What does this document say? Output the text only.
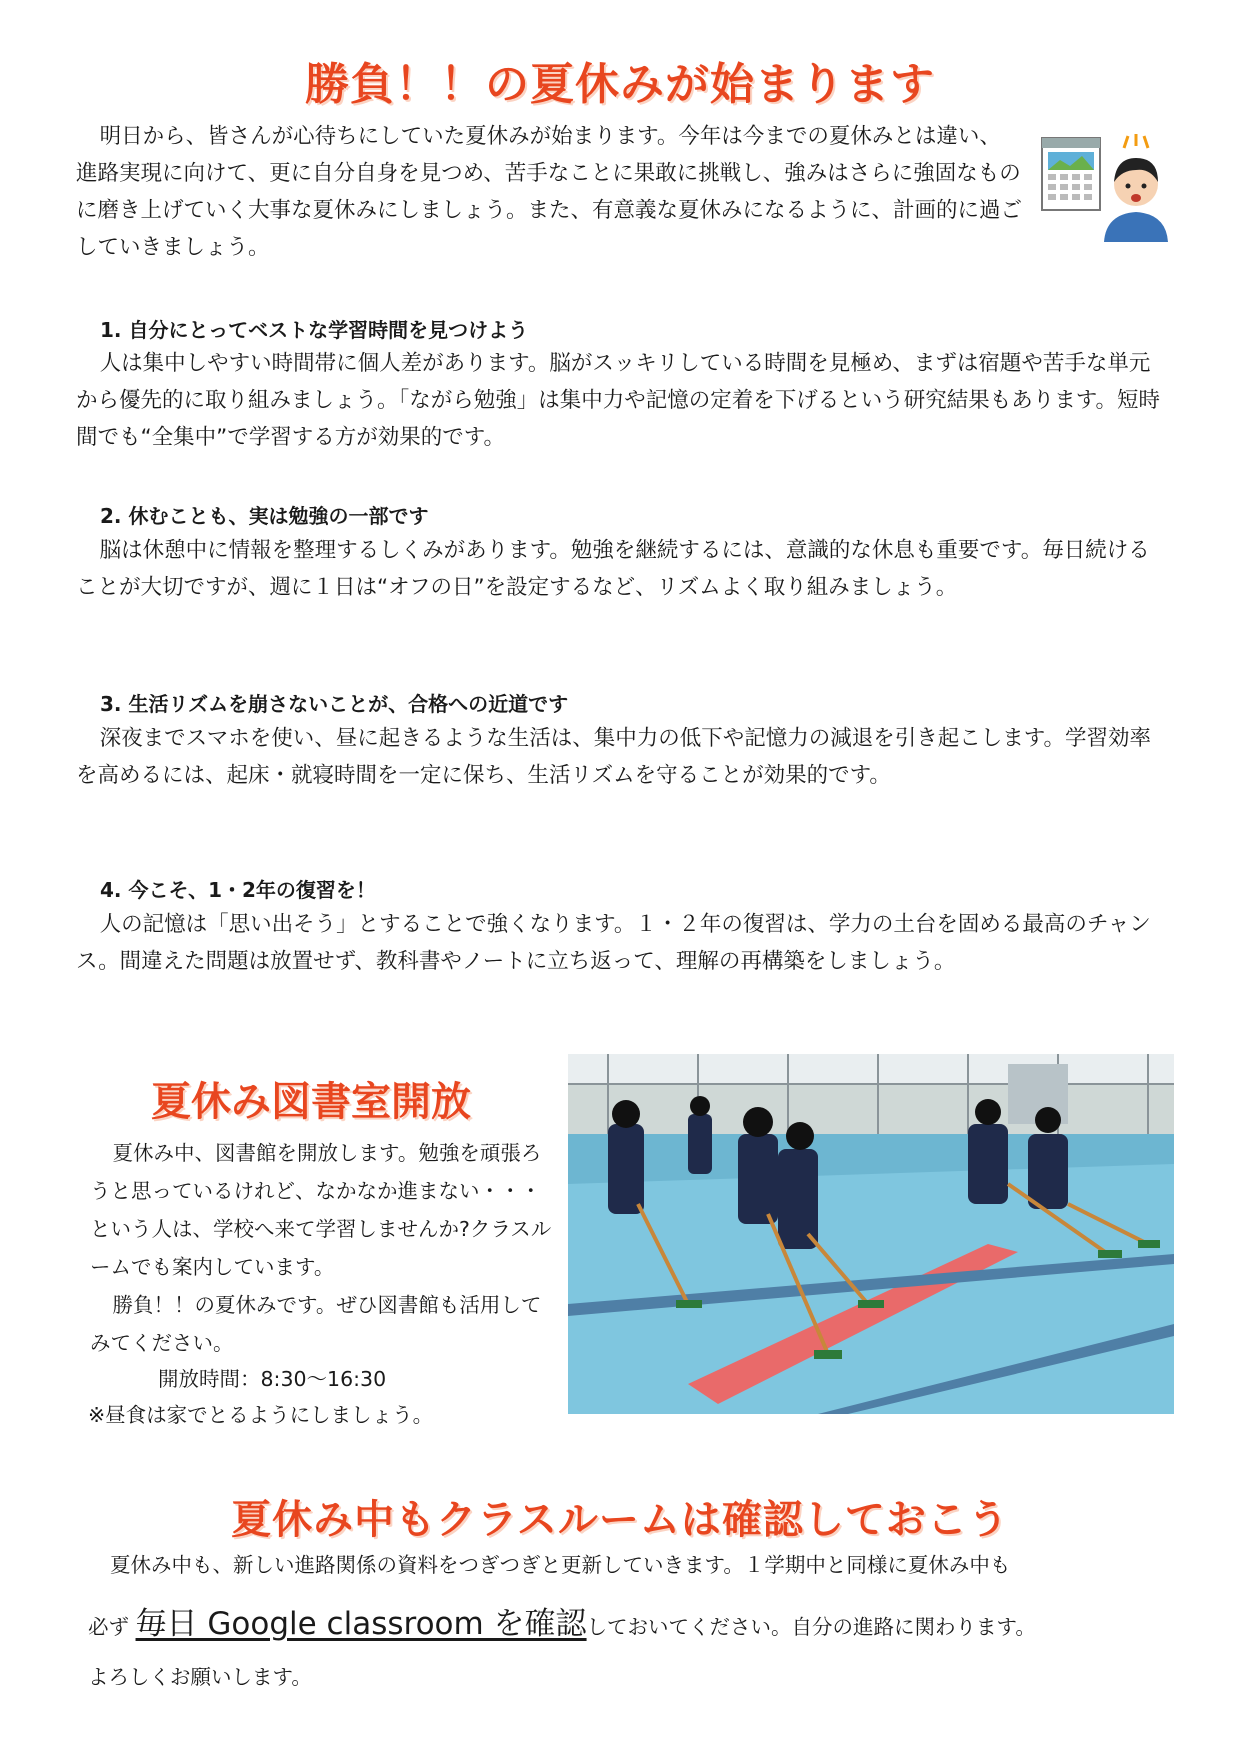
勝負！！の夏休みが始まります

明日から、皆さんが心待ちにしていた夏休みが始まります。今年は今までの夏休みとは違い、進路実現に向けて、更に自分自身を見つめ、苦手なことに果敢に挑戦し、強みはさらに強固なものに磨き上げていく大事な夏休みにしましょう。また、有意義な夏休みになるように、計画的に過ごしていきましょう。

1. 自分にとってベストな学習時間を見つけよう

人は集中しやすい時間帯に個人差があります。脳がスッキリしている時間を見極め、まずは宿題や苦手な単元から優先的に取り組みましょう。「ながら勉強」は集中力や記憶の定着を下げるという研究結果もあります。短時間でも“全集中”で学習する方が効果的です。

2. 休むことも、実は勉強の一部です

脳は休憩中に情報を整理するしくみがあります。勉強を継続するには、意識的な休息も重要です。毎日続けることが大切ですが、週に１日は“オフの日”を設定するなど、リズムよく取り組みましょう。

3. 生活リズムを崩さないことが、合格への近道です

深夜までスマホを使い、昼に起きるような生活は、集中力の低下や記憶力の減退を引き起こします。学習効率を高めるには、起床・就寝時間を一定に保ち、生活リズムを守ることが効果的です。

4. 今こそ、1・2年の復習を！

人の記憶は「思い出そう」とすることで強くなります。１・２年の復習は、学力の土台を固める最高のチャンス。間違えた問題は放置せず、教科書やノートに立ち返って、理解の再構築をしましょう。

夏休み図書室開放

夏休み中、図書館を開放します。勉強を頑張ろうと思っているけれど、なかなか進まない・・・という人は、学校へ来て学習しませんか?クラスルームでも案内しています。
勝負！！の夏休みです。ぜひ図書館も活用してみてください。

開放時間：8:30〜16:30

※昼食は家でとるようにしましょう。

夏休み中もクラスルームは確認しておこう

夏休み中も、新しい進路関係の資料をつぎつぎと更新していきます。１学期中と同様に夏休み中も

必ず 毎日 Google classroom を確認しておいてください。自分の進路に関わります。

よろしくお願いします。
